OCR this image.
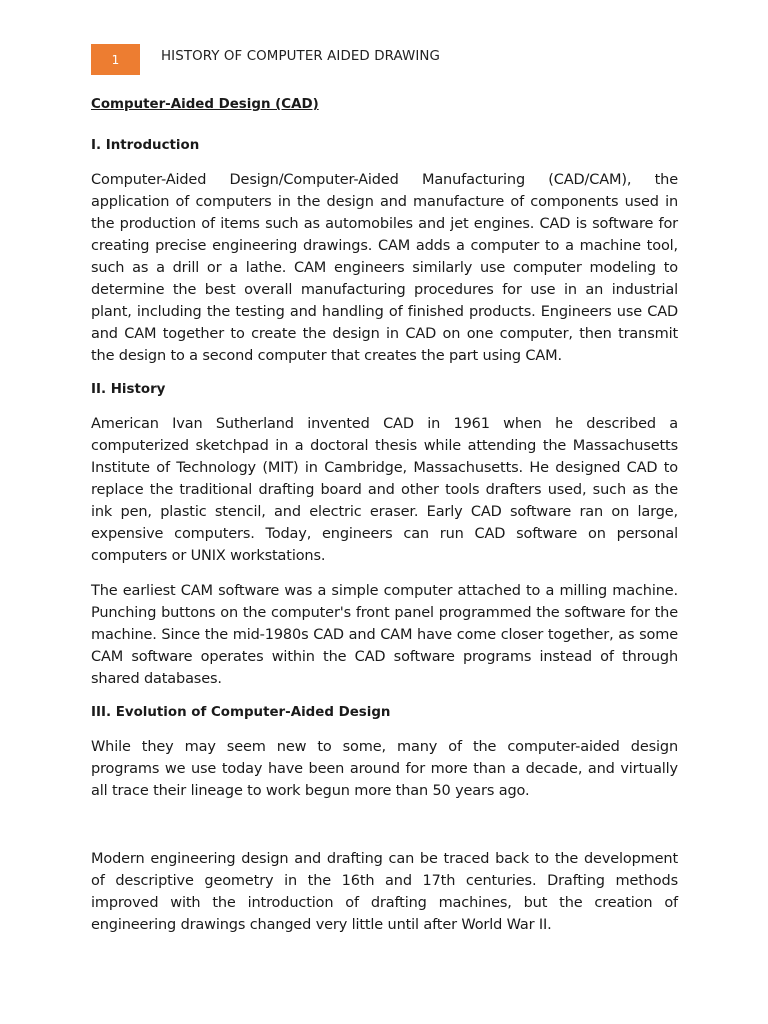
1	HISTORY OF COMPUTER AIDED DRAWING
Computer-Aided Design (CAD)
I. Introduction

Computer-Aided Design/Computer-Aided Manufacturing (CAD/CAM), the application of computers in the design and manufacture of components used in the production of items such as automobiles and jet engines. CAD is software for creating precise engineering drawings. CAM adds a computer to a machine tool, such as a drill or a lathe. CAM engineers similarly use computer modeling to determine the best overall manufacturing procedures for use in an industrial plant, including the testing and handling of finished products. Engineers use CAD and CAM together to create the design in CAD on one computer, then transmit the design to a second computer that creates the part using CAM.

II. History

American Ivan Sutherland invented CAD in 1961 when he described a computerized sketchpad in a doctoral thesis while attending the Massachusetts Institute of Technology (MIT) in Cambridge, Massachusetts. He designed CAD to replace the traditional drafting board and other tools drafters used, such as the ink pen, plastic stencil, and electric eraser. Early CAD software ran on large, expensive computers. Today, engineers can run CAD software on personal computers or UNIX workstations.

The earliest CAM software was a simple computer attached to a milling machine. Punching buttons on the computer's front panel programmed the software for the machine. Since the mid-1980s CAD and CAM have come closer together, as some CAM software operates within the CAD software programs instead of through shared databases.

III. Evolution of Computer-Aided Design

While they may seem new to some, many of the computer-aided design programs we use today have been around for more than a decade, and virtually all trace their lineage to work begun more than 50 years ago.

Modern engineering design and drafting can be traced back to the development of descriptive geometry in the 16th and 17th centuries. Drafting methods improved with the introduction of drafting machines, but the creation of engineering drawings changed very little until after World War II.
